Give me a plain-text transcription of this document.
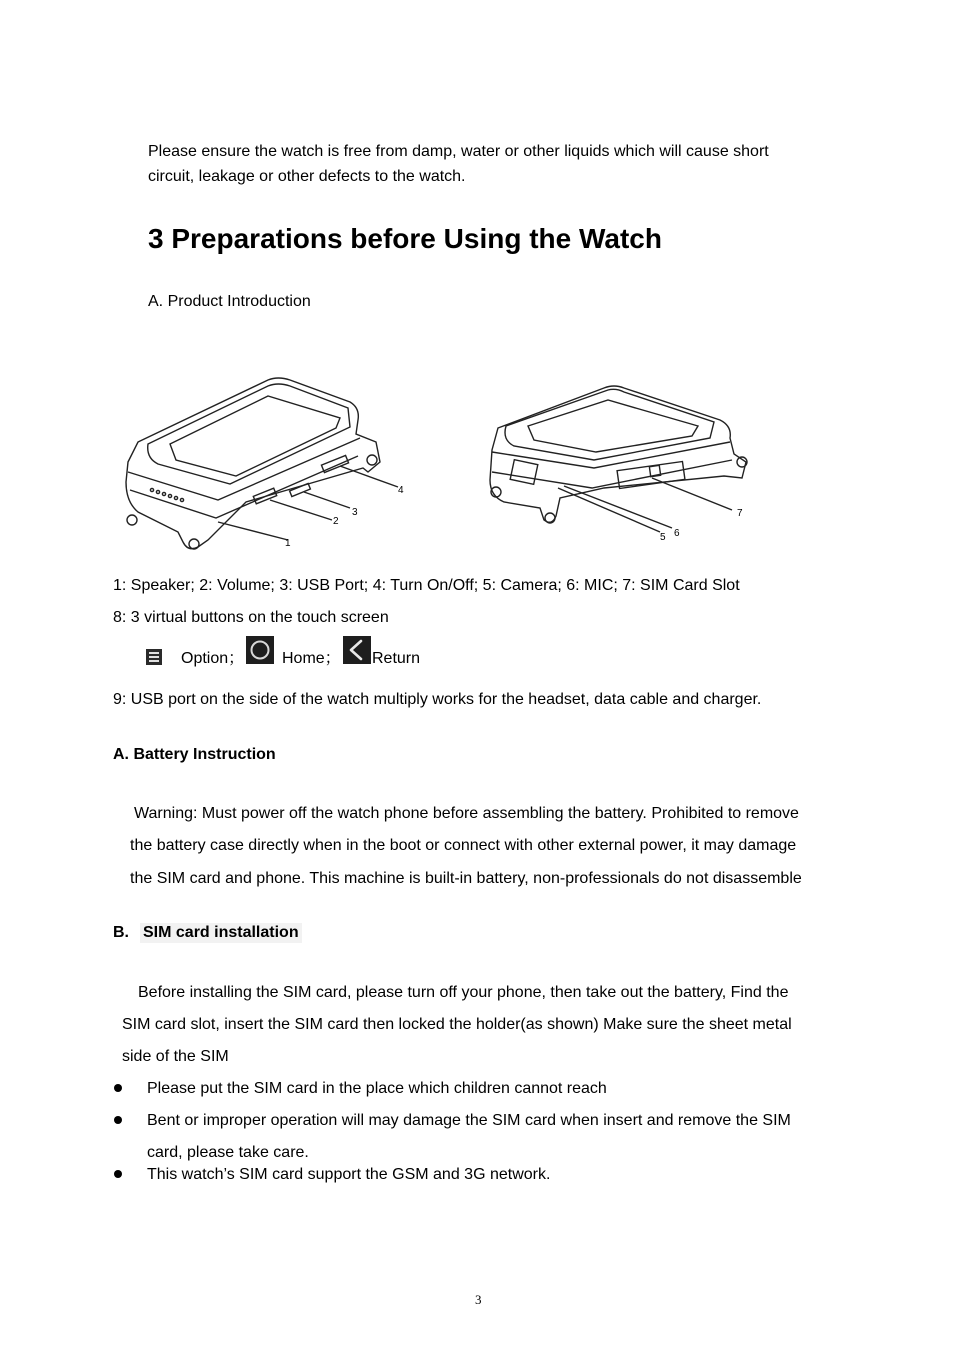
Please ensure the watch is free from damp, water or other liquids which will cause short
circuit, leakage or other defects to the watch.
3 Preparations before Using the Watch
A. Product Introduction
1
2
3
4
5 6
7
1: Speaker; 2: Volume; 3: USB Port; 4: Turn On/Off; 5: Camera; 6: MIC; 7: SIM Card Slot
8: 3 virtual buttons on the touch screen
Option； Home； Return
9: USB port on the side of the watch multiply works for the headset, data cable and charger.
A. Battery Instruction
Warning: Must power off the watch phone before assembling the battery. Prohibited to remove
the battery case directly when in the boot or connect with other external power, it may damage
the SIM card and phone. This machine is built-in battery, non-professionals do not disassemble
B. SIM card installation
Before installing the SIM card, please turn off your phone, then take out the battery, Find the
SIM card slot, insert the SIM card then locked the holder(as shown) Make sure the sheet metal
side of the SIM
Please put the SIM card in the place which children cannot reach
Bent or improper operation will may damage the SIM card when insert and remove the SIM
card, please take care.
This watch’s SIM card support the GSM and 3G network.
3
